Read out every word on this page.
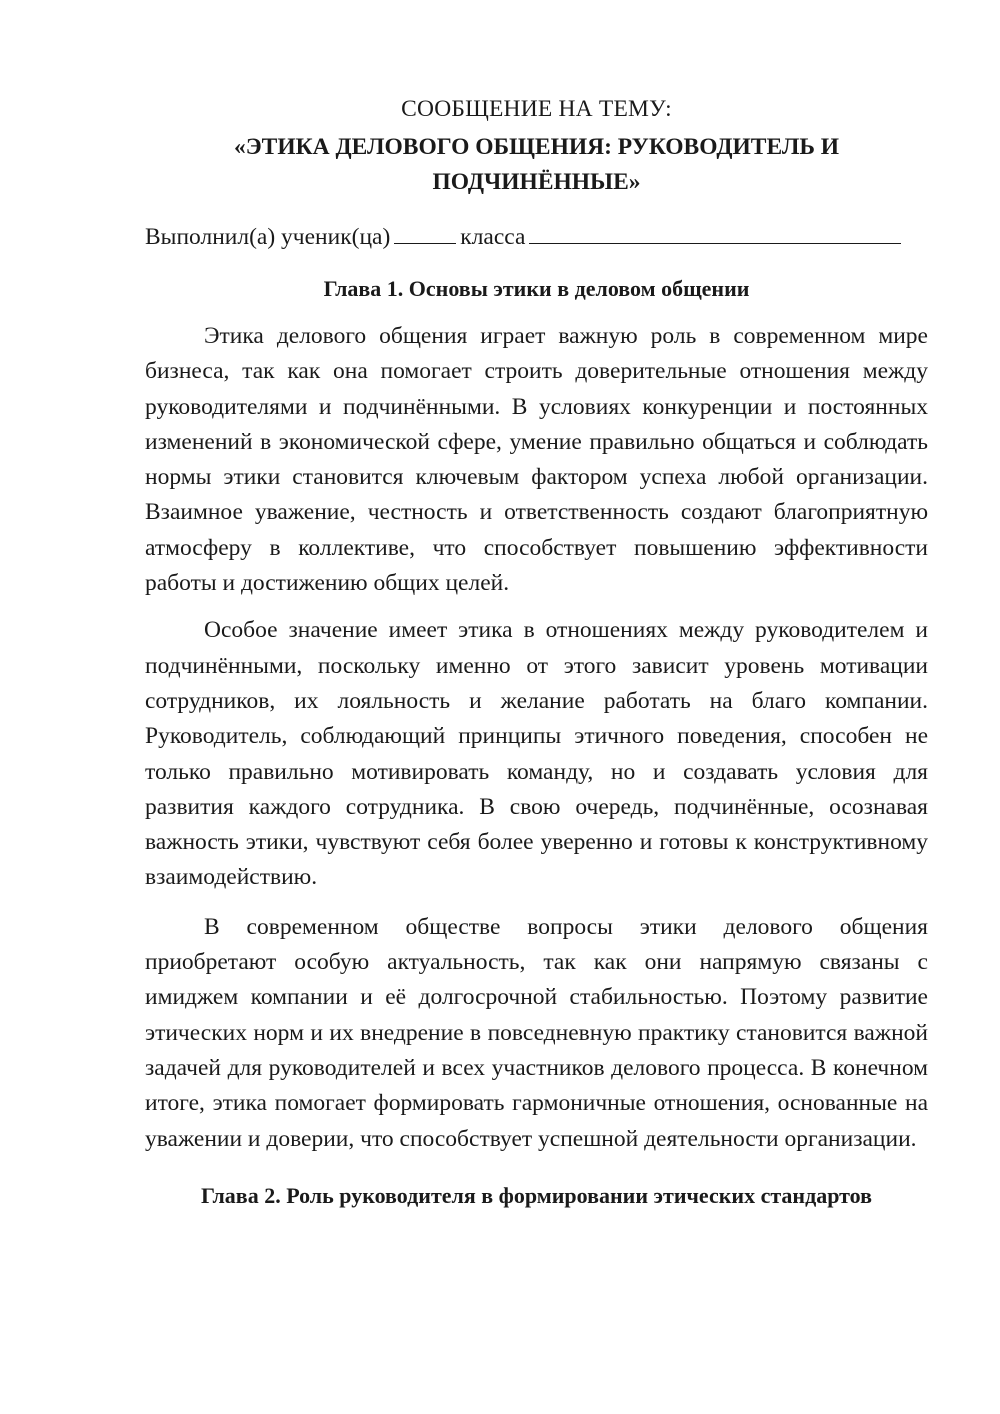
СООБЩЕНИЕ НА ТЕМУ:

«ЭТИКА ДЕЛОВОГО ОБЩЕНИЯ: РУКОВОДИТЕЛЬ И ПОДЧИНЁННЫЕ»

Выполнил(а) ученик(ца)	класса

Глава 1. Основы этики в деловом общении

Этика делового общения играет важную роль в современном мире бизнеса, так как она помогает строить доверительные отношения между руководителями и подчинёнными. В условиях конкуренции и постоянных изменений в экономической сфере, умение правильно общаться и соблюдать нормы этики становится ключевым фактором успеха любой организации. Взаимное уважение, честность и ответственность создают благоприятную атмосферу в коллективе, что способствует повышению эффективности работы и достижению общих целей.

Особое значение имеет этика в отношениях между руководителем и подчинёнными, поскольку именно от этого зависит уровень мотивации сотрудников, их лояльность и желание работать на благо компании. Руководитель, соблюдающий принципы этичного поведения, способен не только правильно мотивировать команду, но и создавать условия для развития каждого сотрудника. В свою очередь, подчинённые, осознавая важность этики, чувствуют себя более уверенно и готовы к конструктивному взаимодействию.

В современном обществе вопросы этики делового общения приобретают особую актуальность, так как они напрямую связаны с имиджем компании и её долгосрочной стабильностью. Поэтому развитие этических норм и их внедрение в повседневную практику становится важной задачей для руководителей и всех участников делового процесса. В конечном итоге, этика помогает формировать гармоничные отношения, основанные на уважении и доверии, что способствует успешной деятельности организации.

Глава 2. Роль руководителя в формировании этических стандартов
